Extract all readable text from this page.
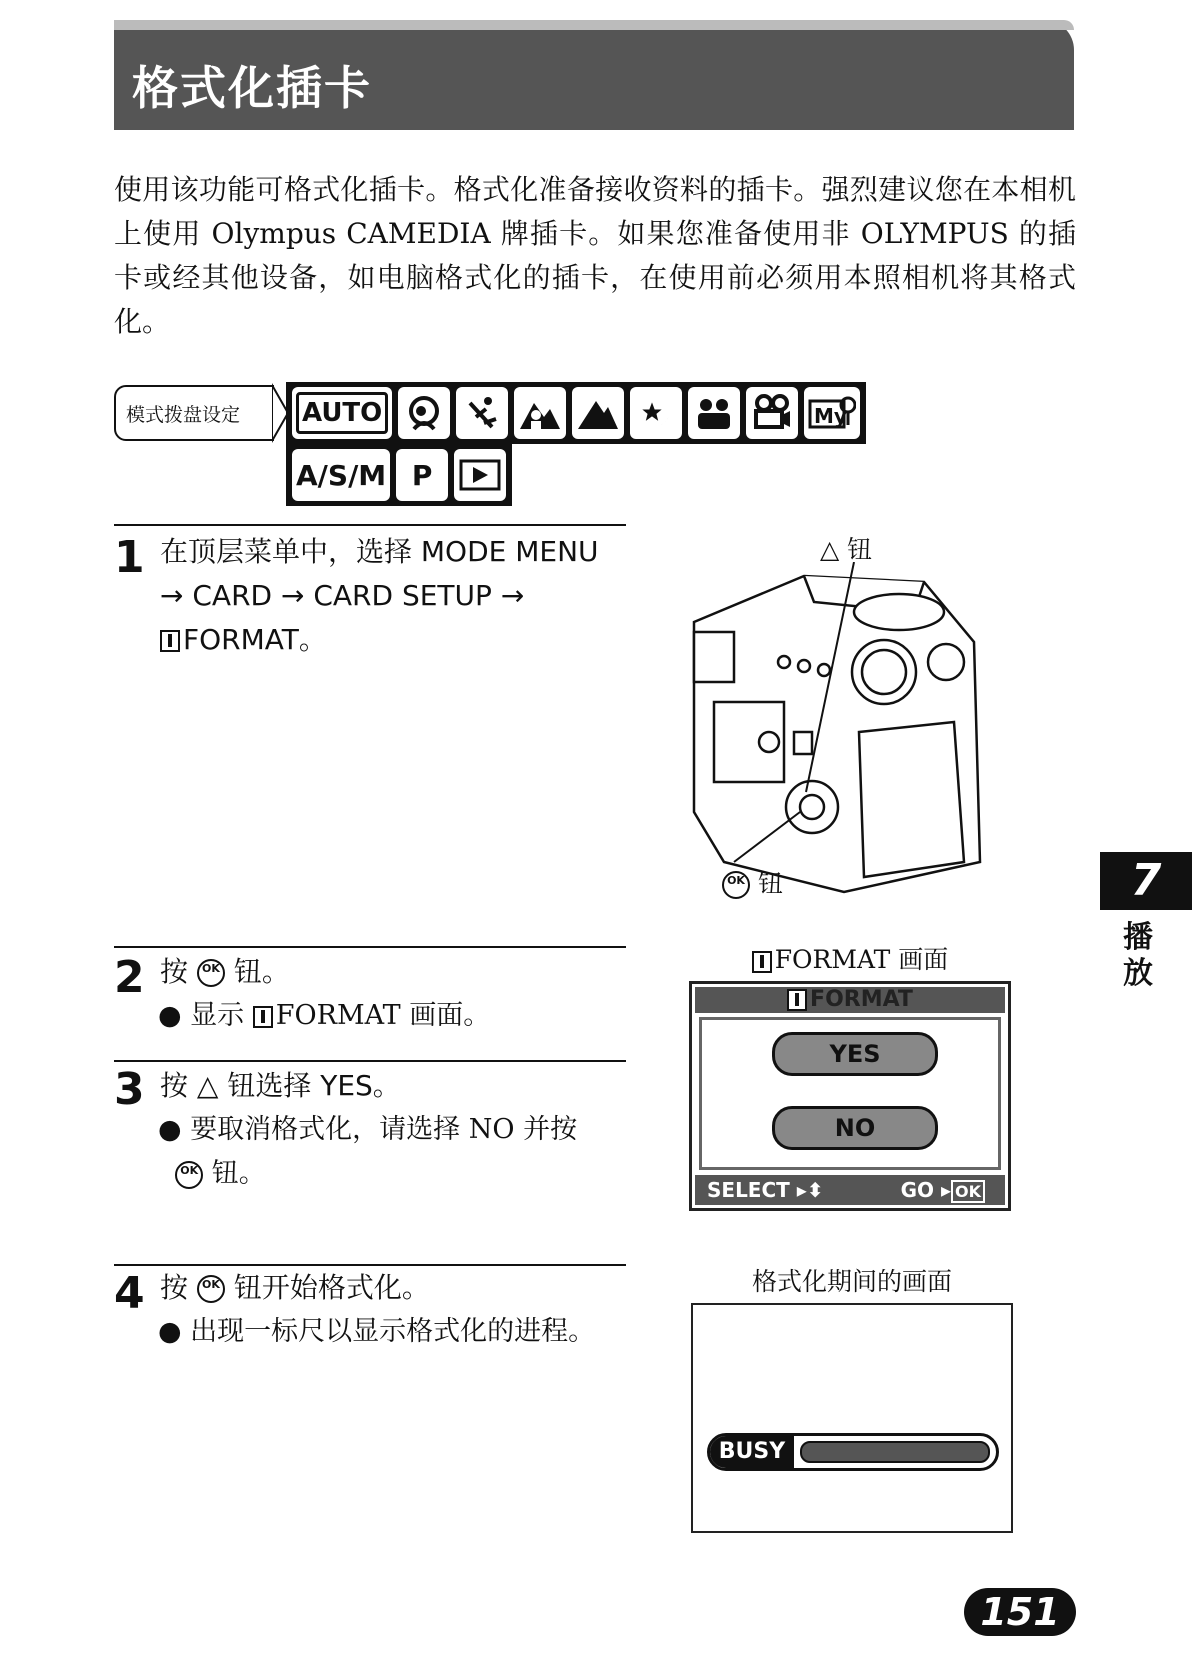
格式化插卡
使用该功能可格式化插卡。格式化准备接收资料的插卡。强烈建议您在本相机上使用 Olympus CAMEDIA 牌插卡。如果您准备使用非 OLYMPUS 的插卡或经其他设备，如电脑格式化的插卡，在使用前必须用本照相机将其格式化。
模式拨盘设定	AUTO	My
A/S/M P
1 在顶层菜单中，选择 MODE MENU
→ CARD → CARD SETUP →
FORMAT。
△ 钮
OK 钮
2 按 OK 钮。
● 显示 FORMAT 画面。
3 按 △ 钮选择 YES。
● 要取消格式化，请选择 NO 并按
OK 钮。
4 按 OK 钮开始格式化。
● 出现一标尺以显示格式化的进程。
FORMAT 画面
FORMAT
YES
NO
SELECT ▸⬍	GO ▸ OK
格式化期间的画面
BUSY
7
播放
151
